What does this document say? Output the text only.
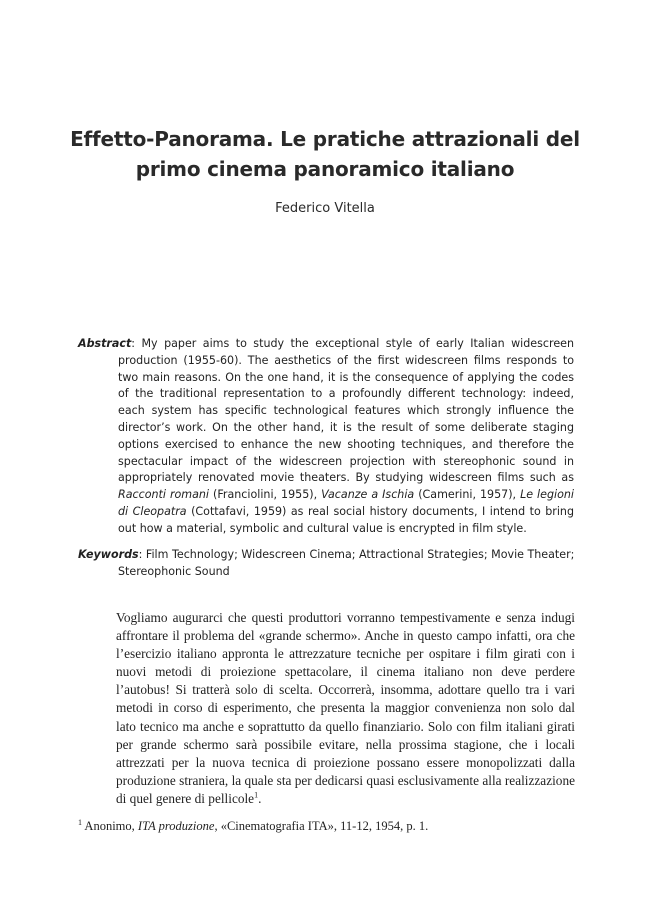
Effetto-Panorama. Le pratiche attrazionali del
primo cinema panoramico italiano
Federico Vitella

Abstract: My paper aims to study the exceptional style of early Italian widescreen production (1955-60). The aesthetics of the first widescreen films responds to two main reasons. On the one hand, it is the consequence of applying the codes of the traditional representation to a profoundly different technology: indeed, each system has specific technological features which strongly influence the director’s work. On the other hand, it is the result of some deliberate staging options exercised to enhance the new shooting techniques, and therefore the spectacular impact of the widescreen projection with stereophonic sound in appropriately renovated movie theaters. By studying widescreen films such as Racconti romani (Franciolini, 1955), Vacanze a Ischia (Camerini, 1957), Le legioni di Cleopatra (Cottafavi, 1959) as real social history documents, I intend to bring out how a material, symbolic and cultural value is encrypted in film style.

Keywords: Film Technology; Widescreen Cinema; Attractional Strategies; Movie Theater; Stereophonic Sound

Vogliamo augurarci che questi produttori vorranno tempestivamente e senza indugi affrontare il problema del «grande schermo». Anche in questo campo infatti, ora che l’esercizio italiano appronta le attrezzature tecniche per ospitare i film girati con i nuovi metodi di proiezione spettacolare, il cinema italiano non deve perdere l’autobus! Si tratterà solo di scelta. Occorrerà, insomma, adottare quello tra i vari metodi in corso di esperimento, che presenta la maggior convenienza non solo dal lato tecnico ma anche e soprattutto da quello finanziario. Solo con film italiani girati per grande schermo sarà possibile evitare, nella prossima stagione, che i locali attrezzati per la nuova tecnica di proiezione possano essere monopolizzati dalla produzione straniera, la quale sta per dedicarsi quasi esclusivamente alla realizzazione di quel genere di pellicole$^1$.

$^1$ Anonimo, ITA produzione, «Cinematografia ITA», 11-12, 1954, p. 1.
